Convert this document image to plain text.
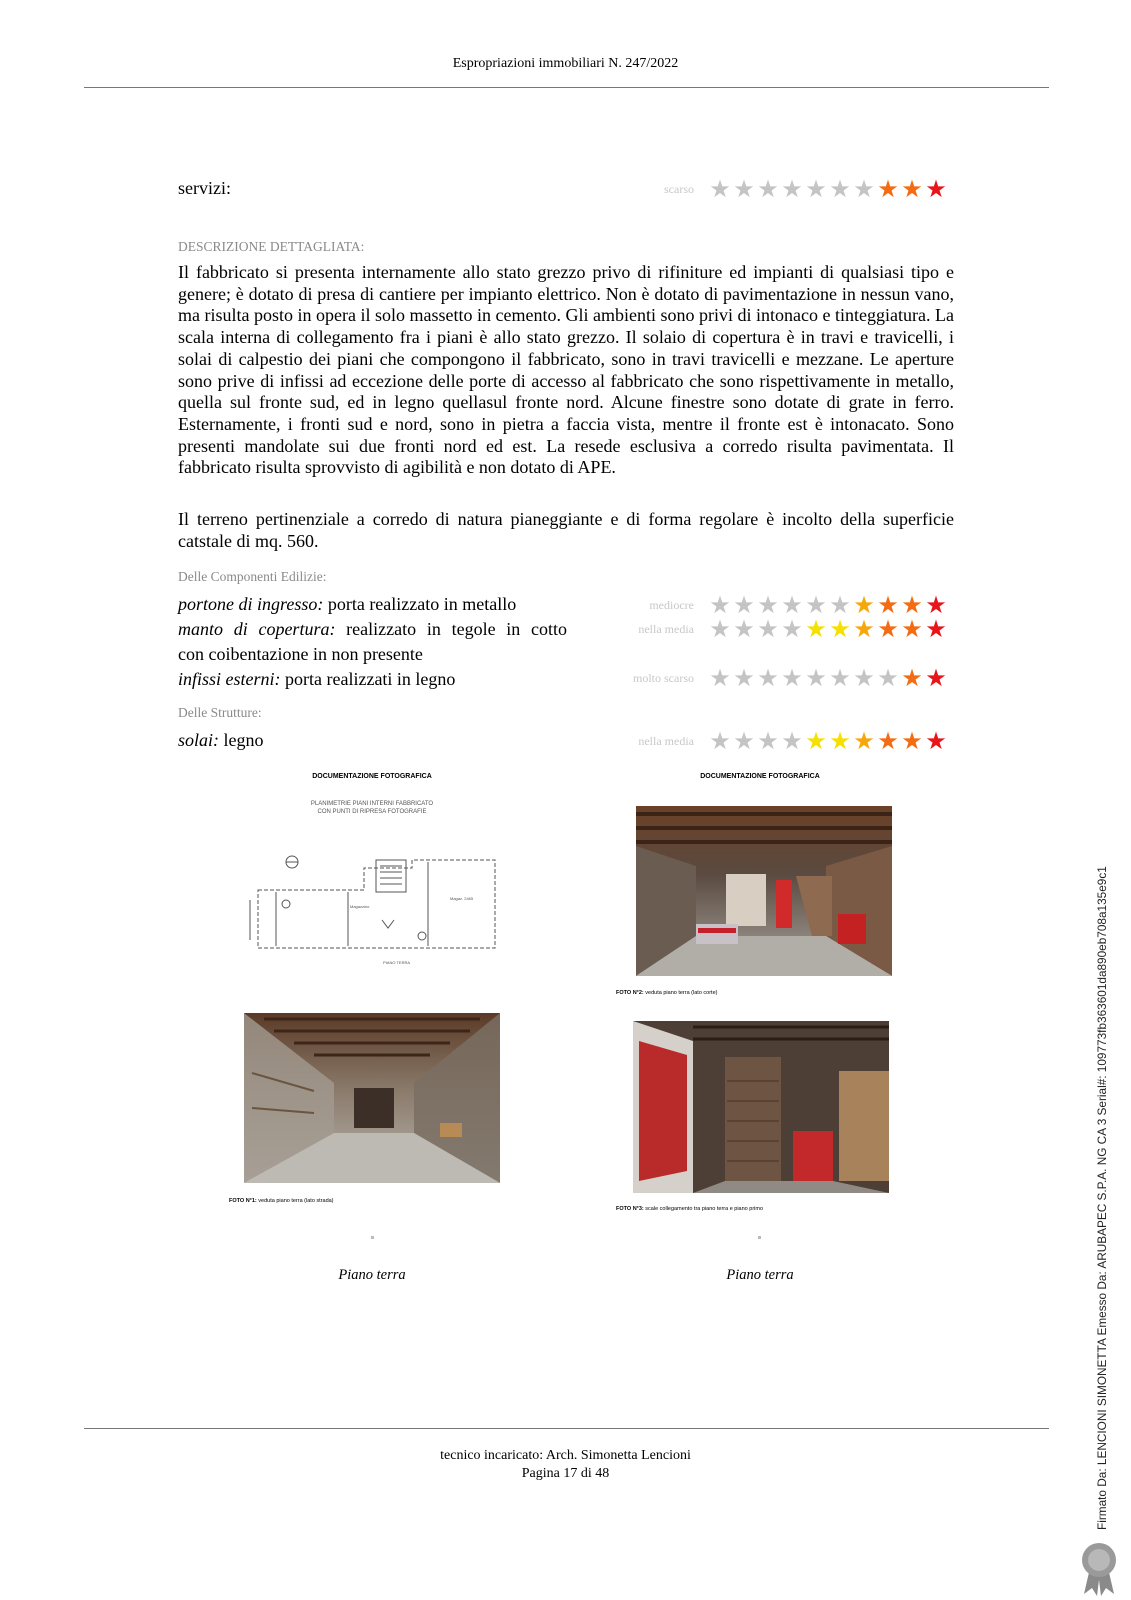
Espropriazioni immobiliari N. 247/2022
servizi:	scarso ★ ★ ★ ★ ★ ★ ★ ★ ★ ★
DESCRIZIONE DETTAGLIATA:
Il fabbricato si presenta internamente allo stato grezzo privo di rifiniture ed impianti di qualsiasi tipo e genere; è dotato di presa di cantiere per impianto elettrico. Non è dotato di pavimentazione in nessun vano, ma risulta posto in opera il solo massetto in cemento. Gli ambienti sono privi di intonaco e tinteggiatura. La scala interna di collegamento fra i piani è allo stato grezzo. Il solaio di copertura è in travi e travicelli, i solai di calpestio dei piani che compongono il fabbricato, sono in travi travicelli e mezzane. Le aperture sono prive di infissi ad eccezione delle porte di accesso al fabbricato che sono rispettivamente in metallo, quella sul fronte sud, ed in legno quellasul fronte nord. Alcune finestre sono dotate di grate in ferro. Esternamente, i fronti sud e nord, sono in pietra a faccia vista, mentre il fronte est è intonacato. Sono presenti mandolate sui due fronti nord ed est. La resede esclusiva a corredo risulta pavimentata. Il fabbricato risulta sprovvisto di agibilità e non dotato di APE.
Il terreno pertinenziale a corredo di natura pianeggiante e di forma regolare è incolto della superficie catstale di mq. 560.
Delle Componenti Edilizie:
portone di ingresso: porta realizzato in metallo	mediocre ★ ★ ★ ★ ★ ★ ★ ★ ★ ★
manto di copertura: realizzato in tegole in cotto
con coibentazione in non presente
nella media ★ ★ ★ ★ ★ ★ ★ ★ ★ ★
infissi esterni: porta realizzati in legno	molto scarso ★ ★ ★ ★ ★ ★ ★ ★ ★ ★
Delle Strutture:
solai: legno	nella media ★ ★ ★ ★ ★ ★ ★ ★ ★ ★
DOCUMENTAZIONE FOTOGRAFICA
PLANIMETRIE PIANI INTERNI FABBRICATO
CON PUNTI DI RIPRESA FOTOGRAFIE
Magazzino
Magaz. 2465
PIANO TERRA
FOTO N°1: veduta piano terra (lato strada)
Piano terra
DOCUMENTAZIONE FOTOGRAFICA
FOTO N°2: veduta piano terra (lato corte)
FOTO N°3: scale collegamento tra piano terra e piano primo
Piano terra
tecnico incaricato: Arch. Simonetta Lencioni
Pagina 17 di 48	Firmato Da: LENCIONI SIMONETTA Emesso Da: ARUBAPEC S.P.A. NG CA 3 Serial#: 109773fb363601da890eb708a135e9c1
